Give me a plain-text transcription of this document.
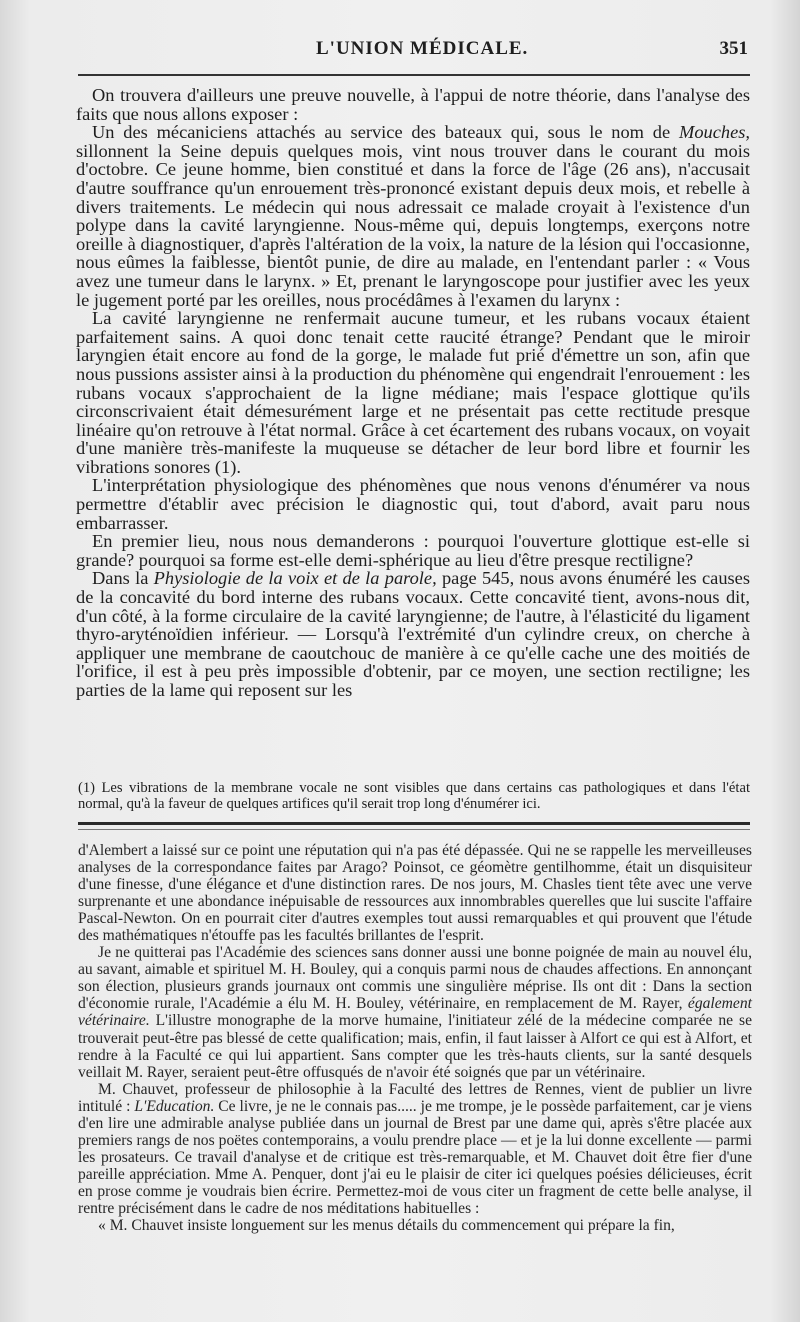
L'UNION MÉDICALE.	351

On trouvera d'ailleurs une preuve nouvelle, à l'appui de notre théorie, dans l'analyse des faits que nous allons exposer :

Un des mécaniciens attachés au service des bateaux qui, sous le nom de Mouches, sillonnent la Seine depuis quelques mois, vint nous trouver dans le courant du mois d'octobre. Ce jeune homme, bien constitué et dans la force de l'âge (26 ans), n'accusait d'autre souffrance qu'un enrouement très-prononcé existant depuis deux mois, et rebelle à divers traitements. Le médecin qui nous adressait ce malade croyait à l'existence d'un polype dans la cavité laryngienne. Nous-même qui, depuis longtemps, exerçons notre oreille à diagnostiquer, d'après l'altération de la voix, la nature de la lésion qui l'occasionne, nous eûmes la faiblesse, bientôt punie, de dire au malade, en l'entendant parler : « Vous avez une tumeur dans le larynx. » Et, prenant le laryngoscope pour justifier avec les yeux le jugement porté par les oreilles, nous procédâmes à l'examen du larynx :

La cavité laryngienne ne renfermait aucune tumeur, et les rubans vocaux étaient parfaitement sains. A quoi donc tenait cette raucité étrange? Pendant que le miroir laryngien était encore au fond de la gorge, le malade fut prié d'émettre un son, afin que nous pussions assister ainsi à la production du phénomène qui engendrait l'enrouement : les rubans vocaux s'approchaient de la ligne médiane; mais l'espace glottique qu'ils circonscrivaient était démesurément large et ne présentait pas cette rectitude presque linéaire qu'on retrouve à l'état normal. Grâce à cet écartement des rubans vocaux, on voyait d'une manière très-manifeste la muqueuse se détacher de leur bord libre et fournir les vibrations sonores (1).

L'interprétation physiologique des phénomènes que nous venons d'énumérer va nous permettre d'établir avec précision le diagnostic qui, tout d'abord, avait paru nous embarrasser.

En premier lieu, nous nous demanderons : pourquoi l'ouverture glottique est-elle si grande? pourquoi sa forme est-elle demi-sphérique au lieu d'être presque rectiligne?

Dans la Physiologie de la voix et de la parole, page 545, nous avons énuméré les causes de la concavité du bord interne des rubans vocaux. Cette concavité tient, avons-nous dit, d'un côté, à la forme circulaire de la cavité laryngienne; de l'autre, à l'élasticité du ligament thyro-aryténoïdien inférieur. — Lorsqu'à l'extrémité d'un cylindre creux, on cherche à appliquer une membrane de caoutchouc de manière à ce qu'elle cache une des moitiés de l'orifice, il est à peu près impossible d'obtenir, par ce moyen, une section rectiligne; les parties de la lame qui reposent sur les

(1) Les vibrations de la membrane vocale ne sont visibles que dans certains cas pathologiques et dans l'état normal, qu'à la faveur de quelques artifices qu'il serait trop long d'énumérer ici.

d'Alembert a laissé sur ce point une réputation qui n'a pas été dépassée. Qui ne se rappelle les merveilleuses analyses de la correspondance faites par Arago? Poinsot, ce géomètre gentilhomme, était un disquisiteur d'une finesse, d'une élégance et d'une distinction rares. De nos jours, M. Chasles tient tête avec une verve surprenante et une abondance inépuisable de ressources aux innombrables querelles que lui suscite l'affaire Pascal-Newton. On en pourrait citer d'autres exemples tout aussi remarquables et qui prouvent que l'étude des mathématiques n'étouffe pas les facultés brillantes de l'esprit.

Je ne quitterai pas l'Académie des sciences sans donner aussi une bonne poignée de main au nouvel élu, au savant, aimable et spirituel M. H. Bouley, qui a conquis parmi nous de chaudes affections. En annonçant son élection, plusieurs grands journaux ont commis une singulière méprise. Ils ont dit : Dans la section d'économie rurale, l'Académie a élu M. H. Bouley, vétérinaire, en remplacement de M. Rayer, également vétérinaire. L'illustre monographe de la morve humaine, l'initiateur zélé de la médecine comparée ne se trouverait peut-être pas blessé de cette qualification; mais, enfin, il faut laisser à Alfort ce qui est à Alfort, et rendre à la Faculté ce qui lui appartient. Sans compter que les très-hauts clients, sur la santé desquels veillait M. Rayer, seraient peut-être offusqués de n'avoir été soignés que par un vétérinaire.

M. Chauvet, professeur de philosophie à la Faculté des lettres de Rennes, vient de publier un livre intitulé : L'Education. Ce livre, je ne le connais pas..... je me trompe, je le possède parfaitement, car je viens d'en lire une admirable analyse publiée dans un journal de Brest par une dame qui, après s'être placée aux premiers rangs de nos poëtes contemporains, a voulu prendre place — et je la lui donne excellente — parmi les prosateurs. Ce travail d'analyse et de critique est très-remarquable, et M. Chauvet doit être fier d'une pareille appréciation. Mme A. Penquer, dont j'ai eu le plaisir de citer ici quelques poésies délicieuses, écrit en prose comme je voudrais bien écrire. Permettez-moi de vous citer un fragment de cette belle analyse, il rentre précisément dans le cadre de nos méditations habituelles :

« M. Chauvet insiste longuement sur les menus détails du commencement qui prépare la fin,
